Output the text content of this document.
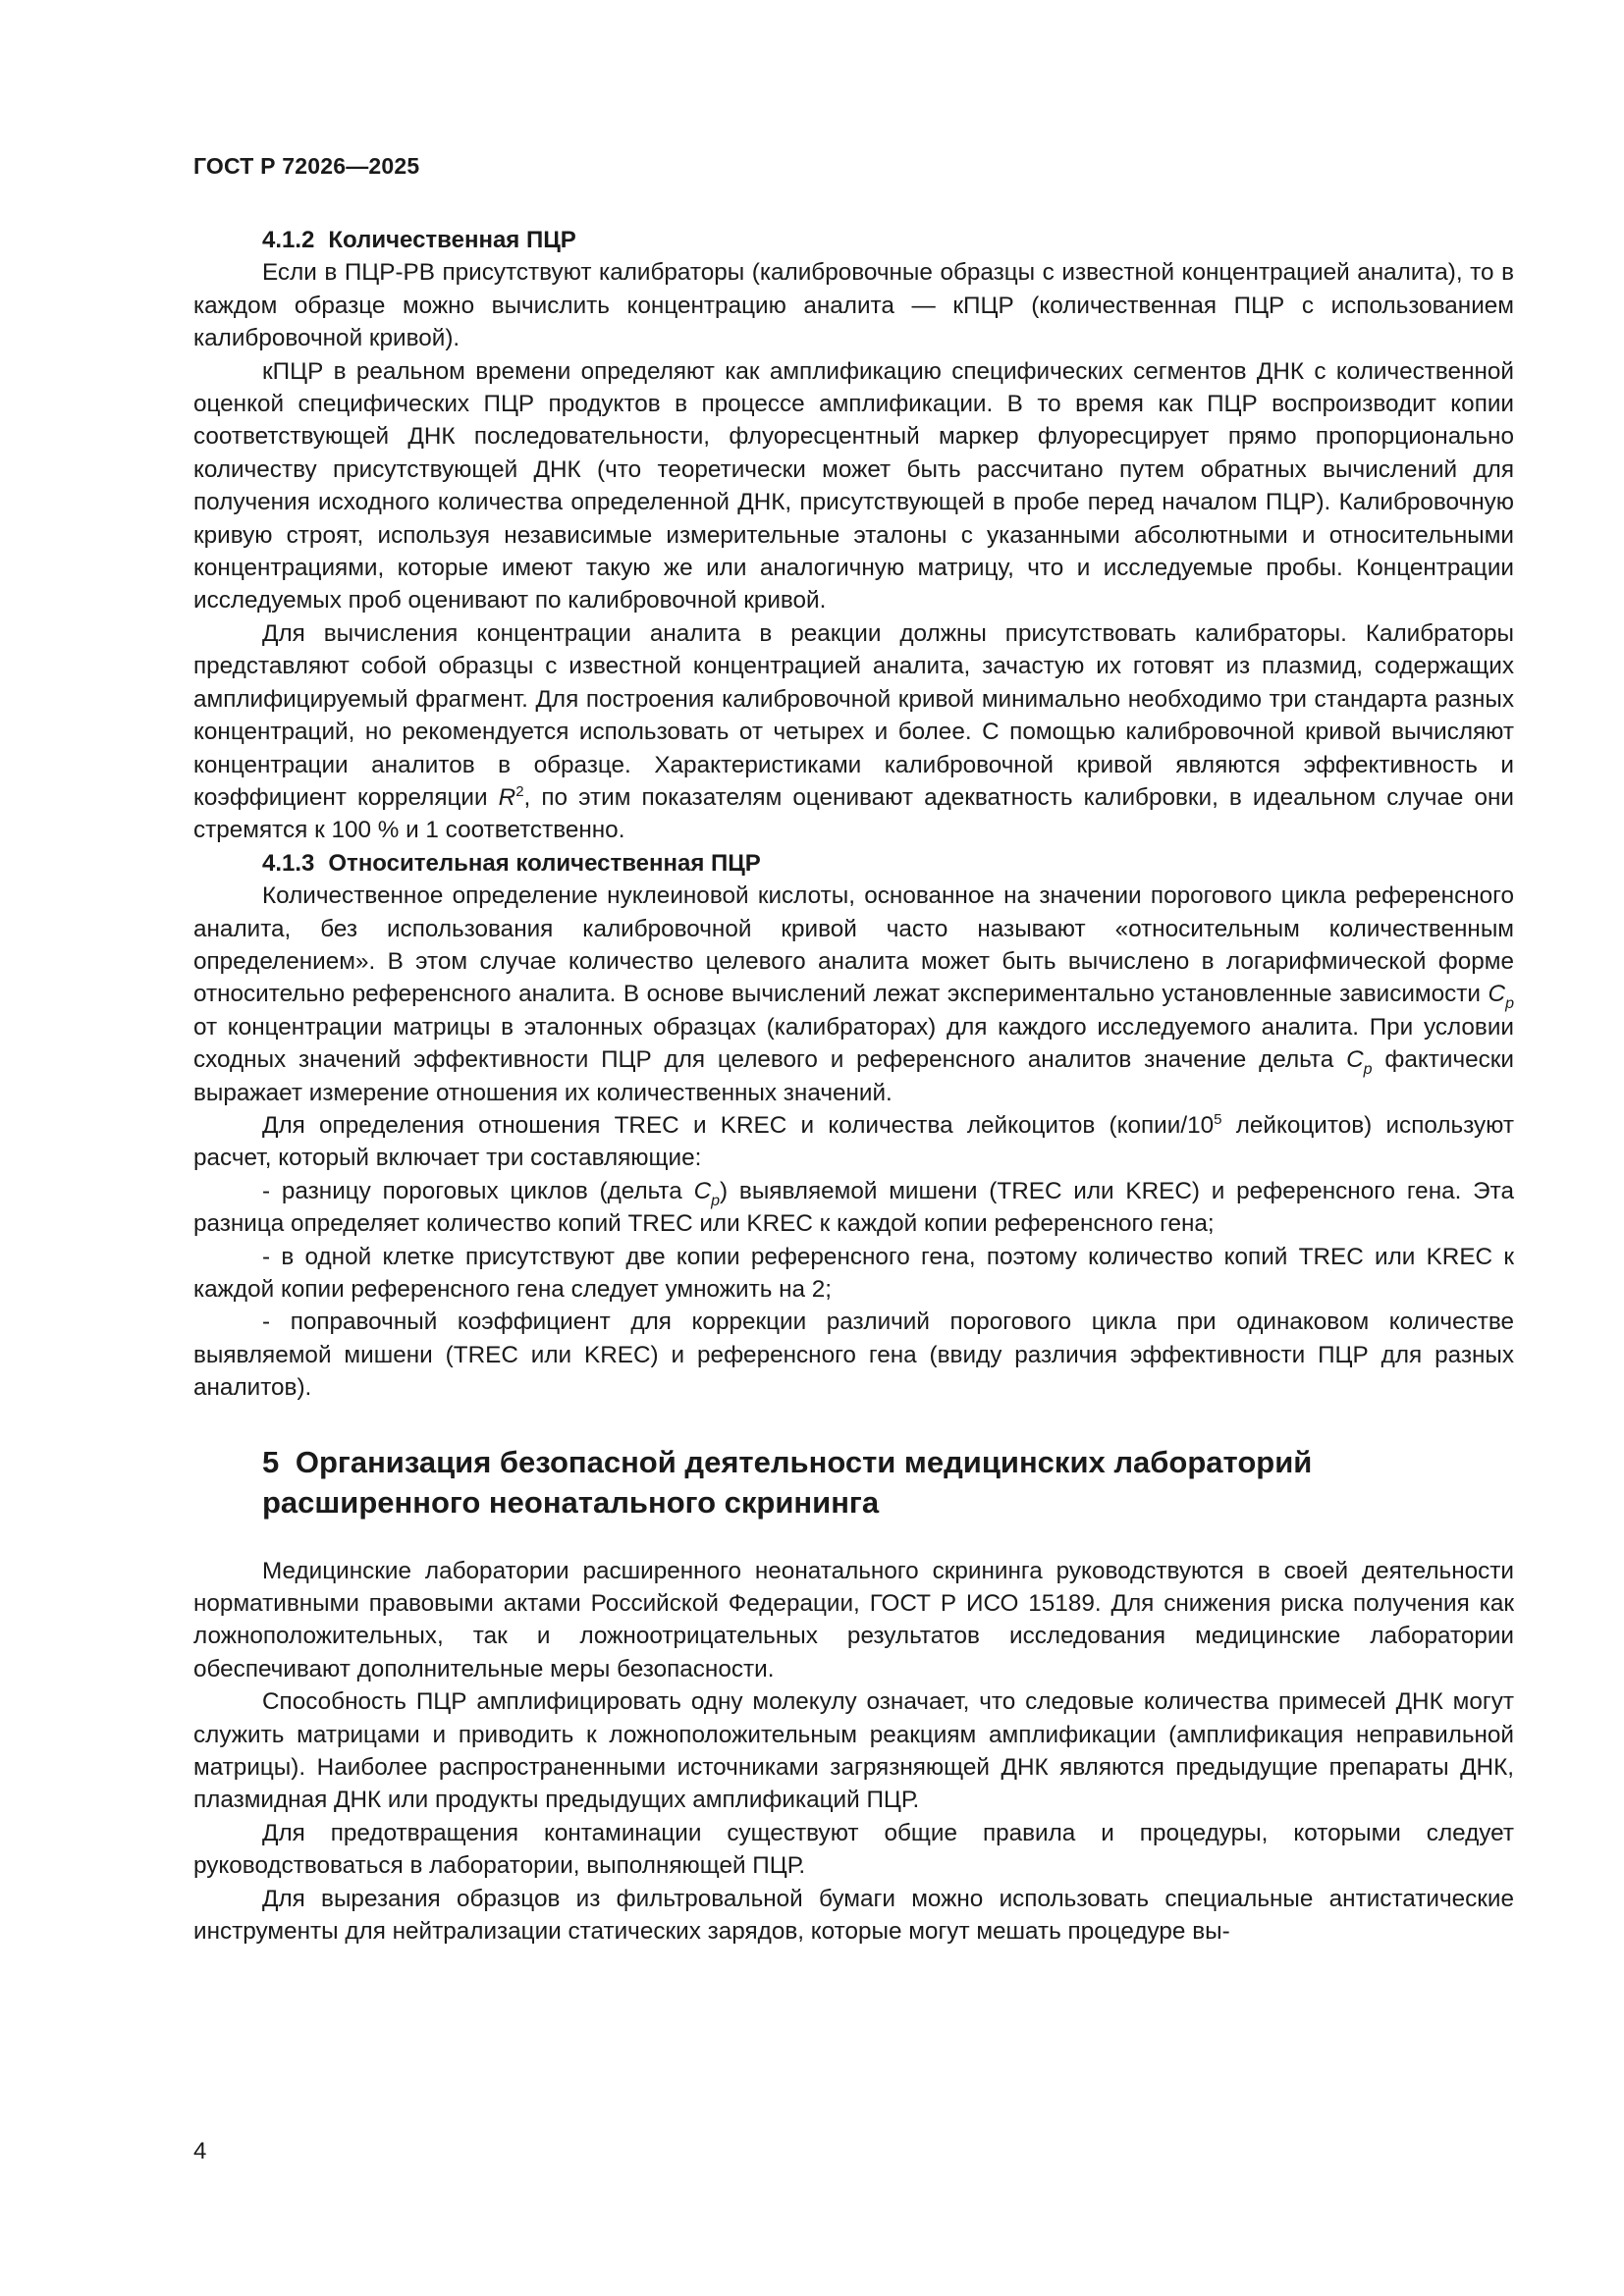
ГОСТ Р 72026—2025
4.1.2 Количественная ПЦР

Если в ПЦР-РВ присутствуют калибраторы (калибровочные образцы с известной концентрацией аналита), то в каждом образце можно вычислить концентрацию аналита — кПЦР (количественная ПЦР с использованием калибровочной кривой).

кПЦР в реальном времени определяют как амплификацию специфических сегментов ДНК с количественной оценкой специфических ПЦР продуктов в процессе амплификации. В то время как ПЦР воспроизводит копии соответствующей ДНК последовательности, флуоресцентный маркер флуоресцирует прямо пропорционально количеству присутствующей ДНК (что теоретически может быть рассчитано путем обратных вычислений для получения исходного количества определенной ДНК, присутствующей в пробе перед началом ПЦР). Калибровочную кривую строят, используя независимые измерительные эталоны с указанными абсолютными и относительными концентрациями, которые имеют такую же или аналогичную матрицу, что и исследуемые пробы. Концентрации исследуемых проб оценивают по калибровочной кривой.

Для вычисления концентрации аналита в реакции должны присутствовать калибраторы. Калибраторы представляют собой образцы с известной концентрацией аналита, зачастую их готовят из плазмид, содержащих амплифицируемый фрагмент. Для построения калибровочной кривой минимально необходимо три стандарта разных концентраций, но рекомендуется использовать от четырех и более. С помощью калибровочной кривой вычисляют концентрации аналитов в образце. Характеристиками калибровочной кривой являются эффективность и коэффициент корреляции $R^2$, по этим показателям оценивают адекватность калибровки, в идеальном случае они стремятся к 100 % и 1 соответственно.

4.1.3 Относительная количественная ПЦР

Количественное определение нуклеиновой кислоты, основанное на значении порогового цикла референсного аналита, без использования калибровочной кривой часто называют «относительным количественным определением». В этом случае количество целевого аналита может быть вычислено в логарифмической форме относительно референсного аналита. В основе вычислений лежат экспериментально установленные зависимости $C_p$ от концентрации матрицы в эталонных образцах (калибраторах) для каждого исследуемого аналита. При условии сходных значений эффективности ПЦР для целевого и референсного аналитов значение дельта $C_p$ фактически выражает измерение отношения их количественных значений.

Для определения отношения TREC и KREC и количества лейкоцитов ($копии/10^5$ лейкоцитов) используют расчет, который включает три составляющие:

- разницу пороговых циклов (дельта $C_p$) выявляемой мишени (TREC или KREC) и референсного гена. Эта разница определяет количество копий TREC или KREC к каждой копии референсного гена;

- в одной клетке присутствуют две копии референсного гена, поэтому количество копий TREC или KREC к каждой копии референсного гена следует умножить на 2;

- поправочный коэффициент для коррекции различий порогового цикла при одинаковом количестве выявляемой мишени (TREC или KREC) и референсного гена (ввиду различия эффективности ПЦР для разных аналитов).

5 Организация безопасной деятельности медицинских лабораторий
расширенного неонатального скрининга

Медицинские лаборатории расширенного неонатального скрининга руководствуются в своей деятельности нормативными правовыми актами Российской Федерации, ГОСТ Р ИСО 15189. Для снижения риска получения как ложноположительных, так и ложноотрицательных результатов исследования медицинские лаборатории обеспечивают дополнительные меры безопасности.

Способность ПЦР амплифицировать одну молекулу означает, что следовые количества примесей ДНК могут служить матрицами и приводить к ложноположительным реакциям амплификации (амплификация неправильной матрицы). Наиболее распространенными источниками загрязняющей ДНК являются предыдущие препараты ДНК, плазмидная ДНК или продукты предыдущих амплификаций ПЦР.

Для предотвращения контаминации существуют общие правила и процедуры, которыми следует руководствоваться в лаборатории, выполняющей ПЦР.

Для вырезания образцов из фильтровальной бумаги можно использовать специальные антистатические инструменты для нейтрализации статических зарядов, которые могут мешать процедуре вы-

4
